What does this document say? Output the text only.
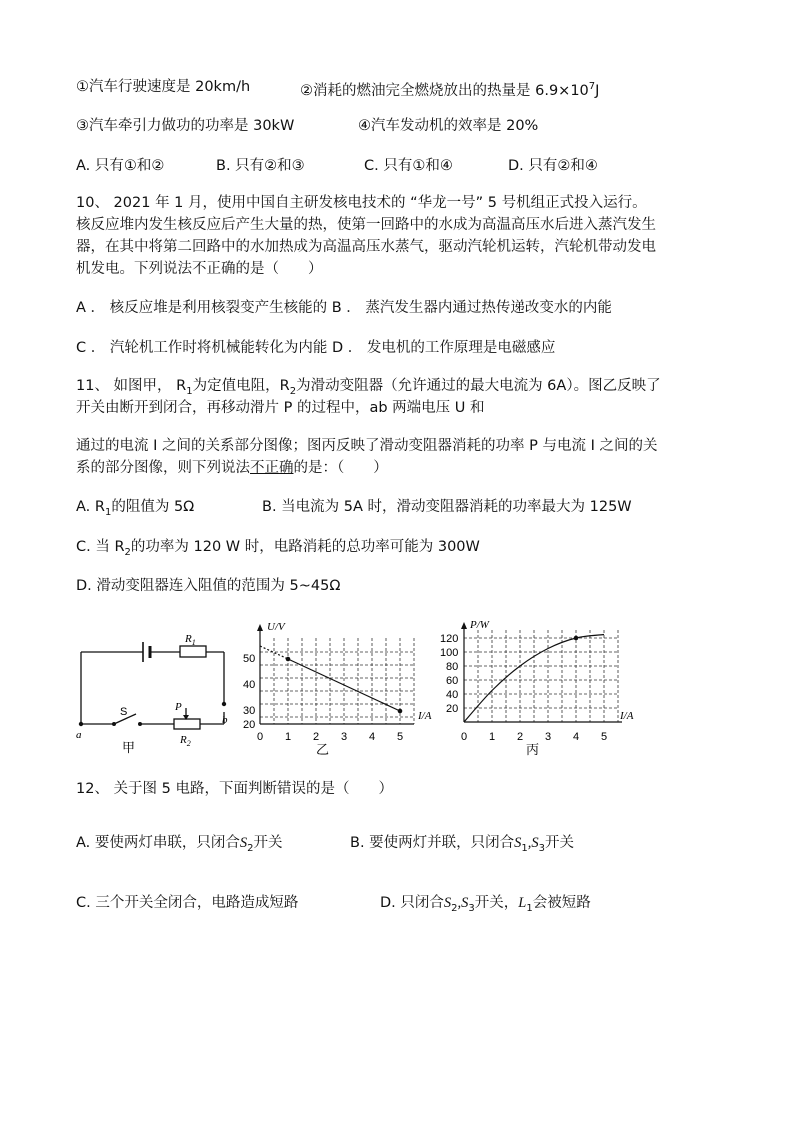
①汽车行驶速度是 20km/h	②消耗的燃油完全燃烧放出的热量是 $6.9\times 10^7J$
③汽车牵引力做功的功率是 30kW	④汽车发动机的效率是 20%
A. 只有①和②	B. 只有②和③	C. 只有①和④	D. 只有②和④
10、 2021 年 1 月，使用中国自主研发核电技术的 “华龙一号” 5 号机组正式投入运行。
核反应堆内发生核反应后产生大量的热，使第一回路中的水成为高温高压水后进入蒸汽发生
器，在其中将第二回路中的水加热成为高温高压水蒸气，驱动汽轮机运转，汽轮机带动发电
机发电。下列说法不正确的是（　　）
A ． 核反应堆是利用核裂变产生核能的 B ． 蒸汽发生器内通过热传递改变水的内能
C ． 汽轮机工作时将机械能转化为内能 D ． 发电机的工作原理是电磁感应
11、 如图甲， $R_1$为定值电阻，$R_2$为滑动变阻器（允许通过的最大电流为 6A）。图乙反映了
开关由断开到闭合，再移动滑片 P 的过程中，ab 两端电压 U 和
通过的电流 I 之间的关系部分图像；图丙反映了滑动变阻器消耗的功率 P 与电流 I 之间的关
系的部分图像，则下列说法不正确的是：（　　）
A. $R_1$的阻值为 5Ω	B. 当电流为 5A 时，滑动变阻器消耗的功率最大为 125W
C. 当 $R_2$的功率为 120 W 时，电路消耗的总功率可能为 300W
D. 滑动变阻器连入阻值的范围为 5~45Ω
$R_1$
$R_2$
S	P
a
b
甲
U/V
I/A
50
40
30
20
0 1 2 3 4 5
乙
P/W
I/A
120
100
80
60
40
20
0 1 2 3 4 5
丙
12、 关于图 5 电路，下面判断错误的是（　　）
A. 要使两灯串联，只闭合$S_2$开关	B. 要使两灯并联，只闭合$S_1,S_3$开关
C. 三个开关全闭合，电路造成短路	D. 只闭合$S_2,S_3$开关，$L_1$会被短路
